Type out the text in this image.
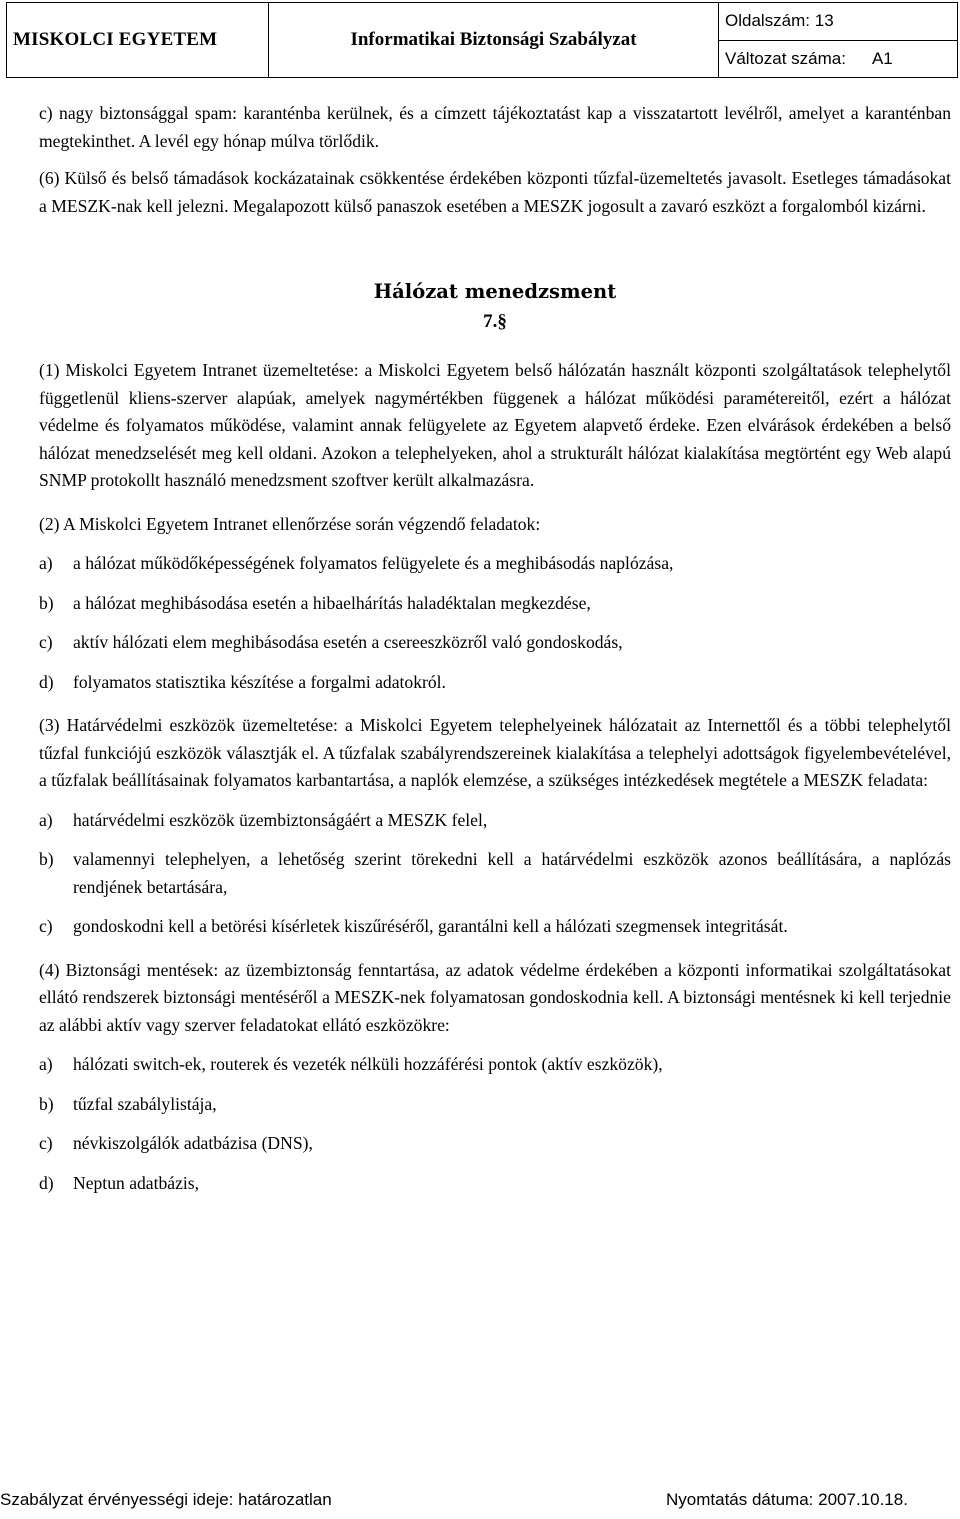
MISKOLCI EGYETEM	Informatikai Biztonsági Szabályzat
Oldalszám:
13
Változat száma: A1

c) nagy biztonsággal spam: karanténba kerülnek, és a címzett tájékoztatást kap a visszatartott levélről, amelyet a karanténban megtekinthet. A levél egy hónap múlva törlődik.

(6) Külső és belső támadások kockázatainak csökkentése érdekében központi tűzfal-üzemeltetés javasolt. Esetleges támadásokat a MESZK-nak kell jelezni. Megalapozott külső panaszok esetében a MESZK jogosult a zavaró eszközt a forgalomból kizárni.

Hálózat menedzsment

7.§

(1) Miskolci Egyetem Intranet üzemeltetése: a Miskolci Egyetem belső hálózatán használt központi szolgáltatások telephelytől függetlenül kliens-szerver alapúak, amelyek nagymértékben függenek a hálózat működési paramétereitől, ezért a hálózat védelme és folyamatos működése, valamint annak felügyelete az Egyetem alapvető érdeke. Ezen elvárások érdekében a belső hálózat menedzselését meg kell oldani. Azokon a telephelyeken, ahol a strukturált hálózat kialakítása megtörtént egy Web alapú SNMP protokollt használó menedzsment szoftver került alkalmazásra.

(2) A Miskolci Egyetem Intranet ellenőrzése során végzendő feladatok:

a)	a hálózat működőképességének folyamatos felügyelete és a meghibásodás naplózása,
b)	a hálózat meghibásodása esetén a hibaelhárítás haladéktalan megkezdése,
c)	aktív hálózati elem meghibásodása esetén a csereeszközről való gondoskodás,
d)	folyamatos statisztika készítése a forgalmi adatokról.

(3) Határvédelmi eszközök üzemeltetése: a Miskolci Egyetem telephelyeinek hálózatait az Internettől és a többi telephelytől tűzfal funkciójú eszközök választják el. A tűzfalak szabályrendszereinek kialakítása a telephelyi adottságok figyelembevételével, a tűzfalak beállításainak folyamatos karbantartása, a naplók elemzése, a szükséges intézkedések megtétele a MESZK feladata:

a)	határvédelmi eszközök üzembiztonságáért a MESZK felel,
b)	valamennyi telephelyen, a lehetőség szerint törekedni kell a határvédelmi eszközök azonos beállítására, a naplózás rendjének betartására,
c)	gondoskodni kell a betörési kísérletek kiszűréséről, garantálni kell a hálózati szegmensek integritását.

(4) Biztonsági mentések: az üzembiztonság fenntartása, az adatok védelme érdekében a központi informatikai szolgáltatásokat ellátó rendszerek biztonsági mentéséről a MESZK-nek folyamatosan gondoskodnia kell. A biztonsági mentésnek ki kell terjednie az alábbi aktív vagy szerver feladatokat ellátó eszközökre:

a)	hálózati switch-ek, routerek és vezeték nélküli hozzáférési pontok (aktív eszközök),
b)	tűzfal szabálylistája,
c)	névkiszolgálók adatbázisa (DNS),
d)	Neptun adatbázis,
Szabályzat érvényességi ideje: határozatlan	Nyomtatás dátuma: 2007.10.18.
